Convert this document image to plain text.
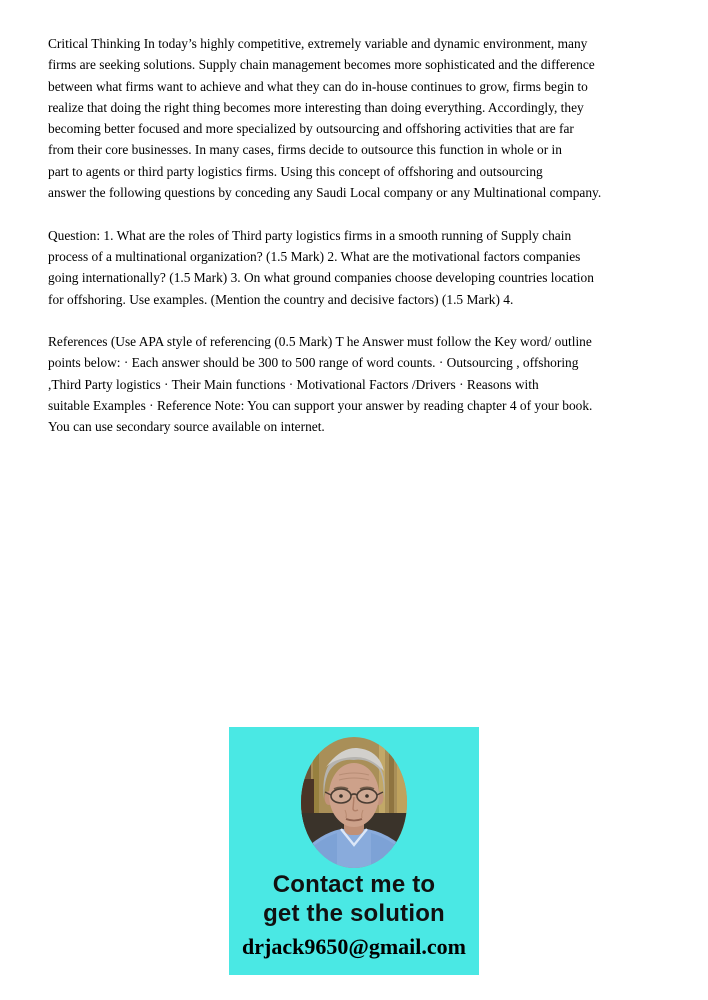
Critical Thinking In today’s highly competitive, extremely variable and dynamic environment, many
firms are seeking solutions. Supply chain management becomes more sophisticated and the difference
between what firms want to achieve and what they can do in-house continues to grow, firms begin to
realize that doing the right thing becomes more interesting than doing everything. Accordingly, they
becoming better focused and more specialized by outsourcing and offshoring activities that are far
from their core businesses. In many cases, firms decide to outsource this function in whole or in
part to agents or third party logistics firms. Using this concept of offshoring and outsourcing
answer the following questions by conceding any Saudi Local company or any Multinational company.
Question: 1. What are the roles of Third party logistics firms in a smooth running of Supply chain
process of a multinational organization? (1.5 Mark) 2. What are the motivational factors companies
going internationally? (1.5 Mark) 3. On what ground companies choose developing countries location
for offshoring. Use examples. (Mention the country and decisive factors) (1.5 Mark) 4.
References (Use APA style of referencing (0.5 Mark) T he Answer must follow the Key word/ outline
points below: · Each answer should be 300 to 500 range of word counts. · Outsourcing , offshoring
,Third Party logistics · Their Main functions · Motivational Factors /Drivers · Reasons with
suitable Examples · Reference Note: You can support your answer by reading chapter 4 of your book.
You can use secondary source available on internet.
Contact me to
get the solution
drjack9650@gmail.com
